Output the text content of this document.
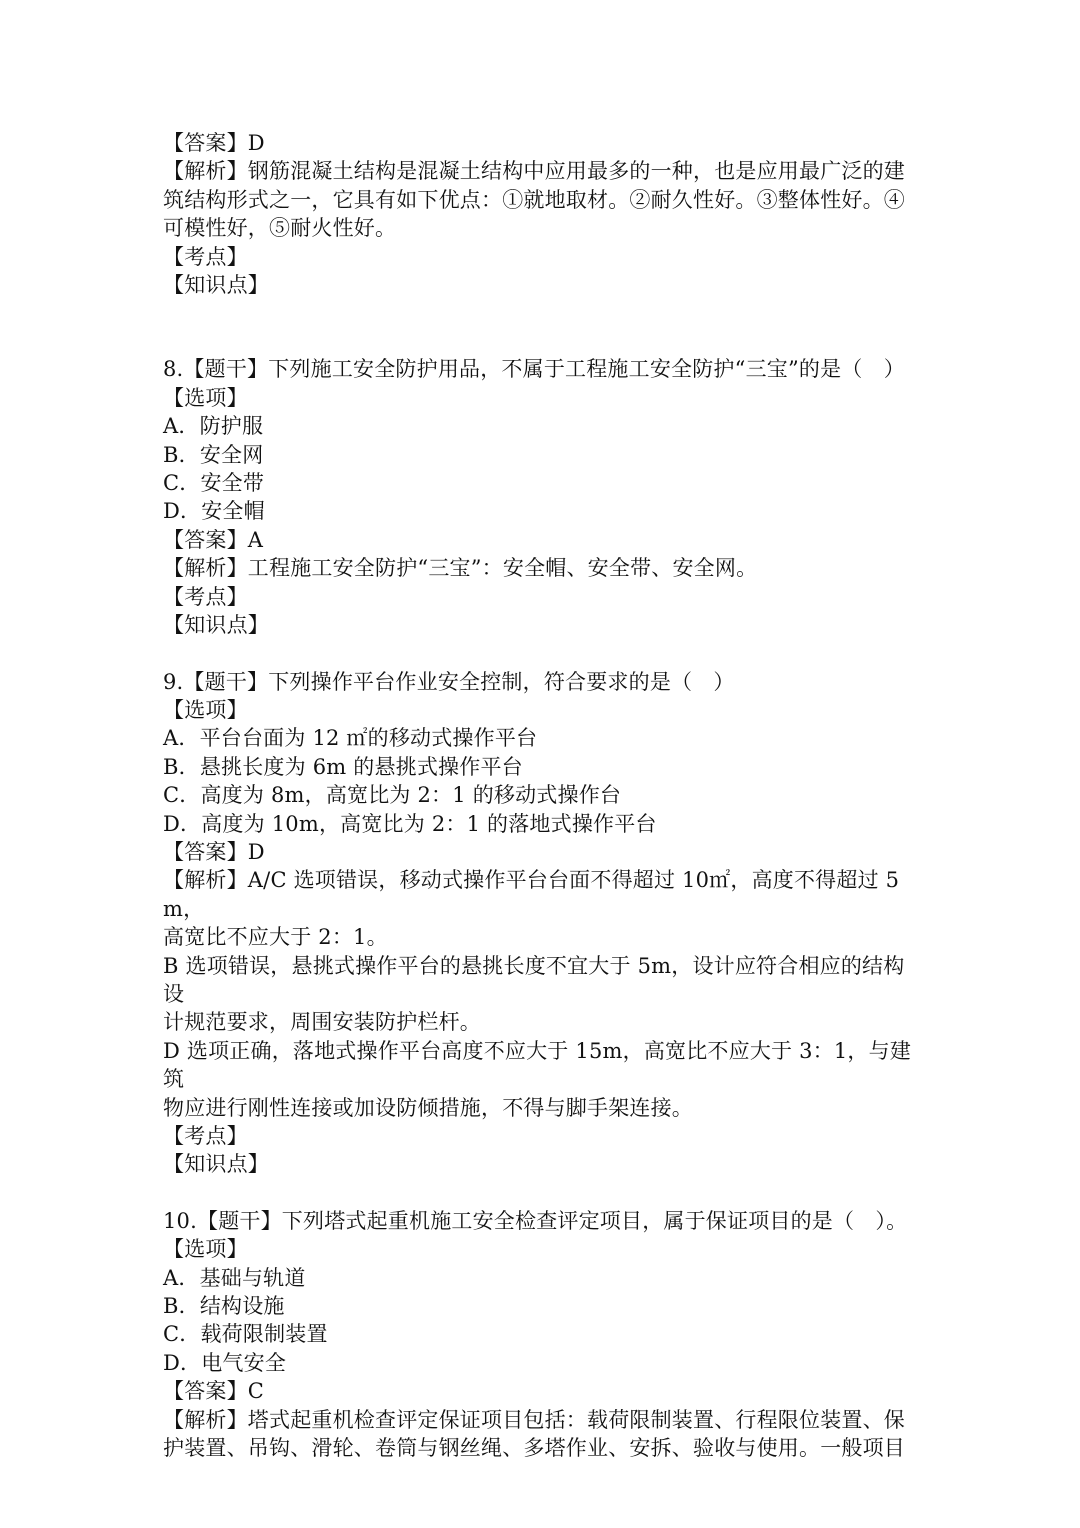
【答案】D
【解析】钢筋混凝土结构是混凝土结构中应用最多的一种，也是应用最广泛的建
筑结构形式之一，它具有如下优点：①就地取材。②耐久性好。③整体性好。④
可模性好，⑤耐火性好。
【考点】
【知识点】
8.【题干】下列施工安全防护用品，不属于工程施工安全防护“三宝”的是（　）
【选项】
A．防护服
B．安全网
C．安全带
D．安全帽
【答案】A
【解析】工程施工安全防护“三宝”：安全帽、安全带、安全网。
【考点】
【知识点】
9.【题干】下列操作平台作业安全控制，符合要求的是（　）
【选项】
A．平台台面为 12 ㎡的移动式操作平台
B．悬挑长度为 6m 的悬挑式操作平台
C．高度为 8m，高宽比为 2：1 的移动式操作台
D．高度为 10m，高宽比为 2：1 的落地式操作平台
【答案】D
【解析】A/C 选项错误，移动式操作平台台面不得超过 10㎡，高度不得超过 5m，
高宽比不应大于 2：1。
B 选项错误，悬挑式操作平台的悬挑长度不宜大于 5m，设计应符合相应的结构设
计规范要求，周围安装防护栏杆。
D 选项正确，落地式操作平台高度不应大于 15m，高宽比不应大于 3：1，与建筑
物应进行刚性连接或加设防倾措施，不得与脚手架连接。
【考点】
【知识点】
10.【题干】下列塔式起重机施工安全检查评定项目，属于保证项目的是（　）。
【选项】
A．基础与轨道
B．结构设施
C．载荷限制装置
D．电气安全
【答案】C
【解析】塔式起重机检查评定保证项目包括：载荷限制装置、行程限位装置、保
护装置、吊钩、滑轮、卷筒与钢丝绳、多塔作业、安拆、验收与使用。一般项目
